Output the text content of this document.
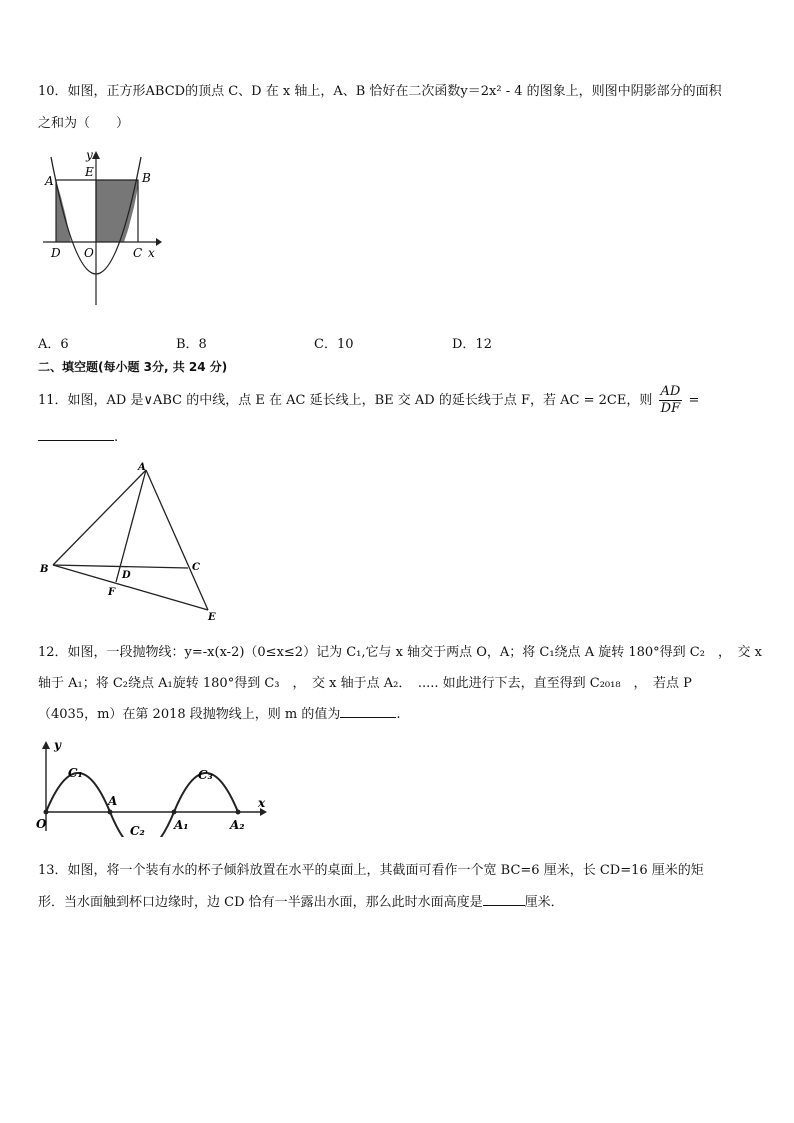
10．如图，正方形ABCD的顶点 C、D 在 x 轴上，A、B 恰好在二次函数y＝2x² - 4 的图象上，则图中阴影部分的面积
之和为（　　）
y
E
A	B
D O	C x
A．6	B．8	C．10	D．12
二、填空题(每小题 3分, 共 24 分)
11．如图，AD 是∨ABC 的中线，点 E 在 AC 延长线上，BE 交 AD 的延长线于点 F，若 AC = 2CE，则 $\frac{AD}{DF}$ =
.
A
B	C
D
F
E
12．如图，一段抛物线：y=-x(x-2)（0≤x≤2）记为 C₁,它与 x 轴交于两点 O，A；将 C₁绕点 A 旋转 180°得到 C₂　，　交 x
轴于 A₁；将 C₂绕点 A₁旋转 180°得到 C₃　，　交 x 轴于点 A₂．　..... 如此进行下去，直至得到 C₂₀₁₈　，　若点 P
（4035，m）在第 2018 段抛物线上，则 m 的值为	.
y
x
O
A
A₁	A₂
C₁
C₂
C₃
13．如图，将一个装有水的杯子倾斜放置在水平的桌面上，其截面可看作一个宽 BC=6 厘米，长 CD=16 厘米的矩
形．当水面触到杯口边缘时，边 CD 恰有一半露出水面，那么此时水面高度是	厘米．
